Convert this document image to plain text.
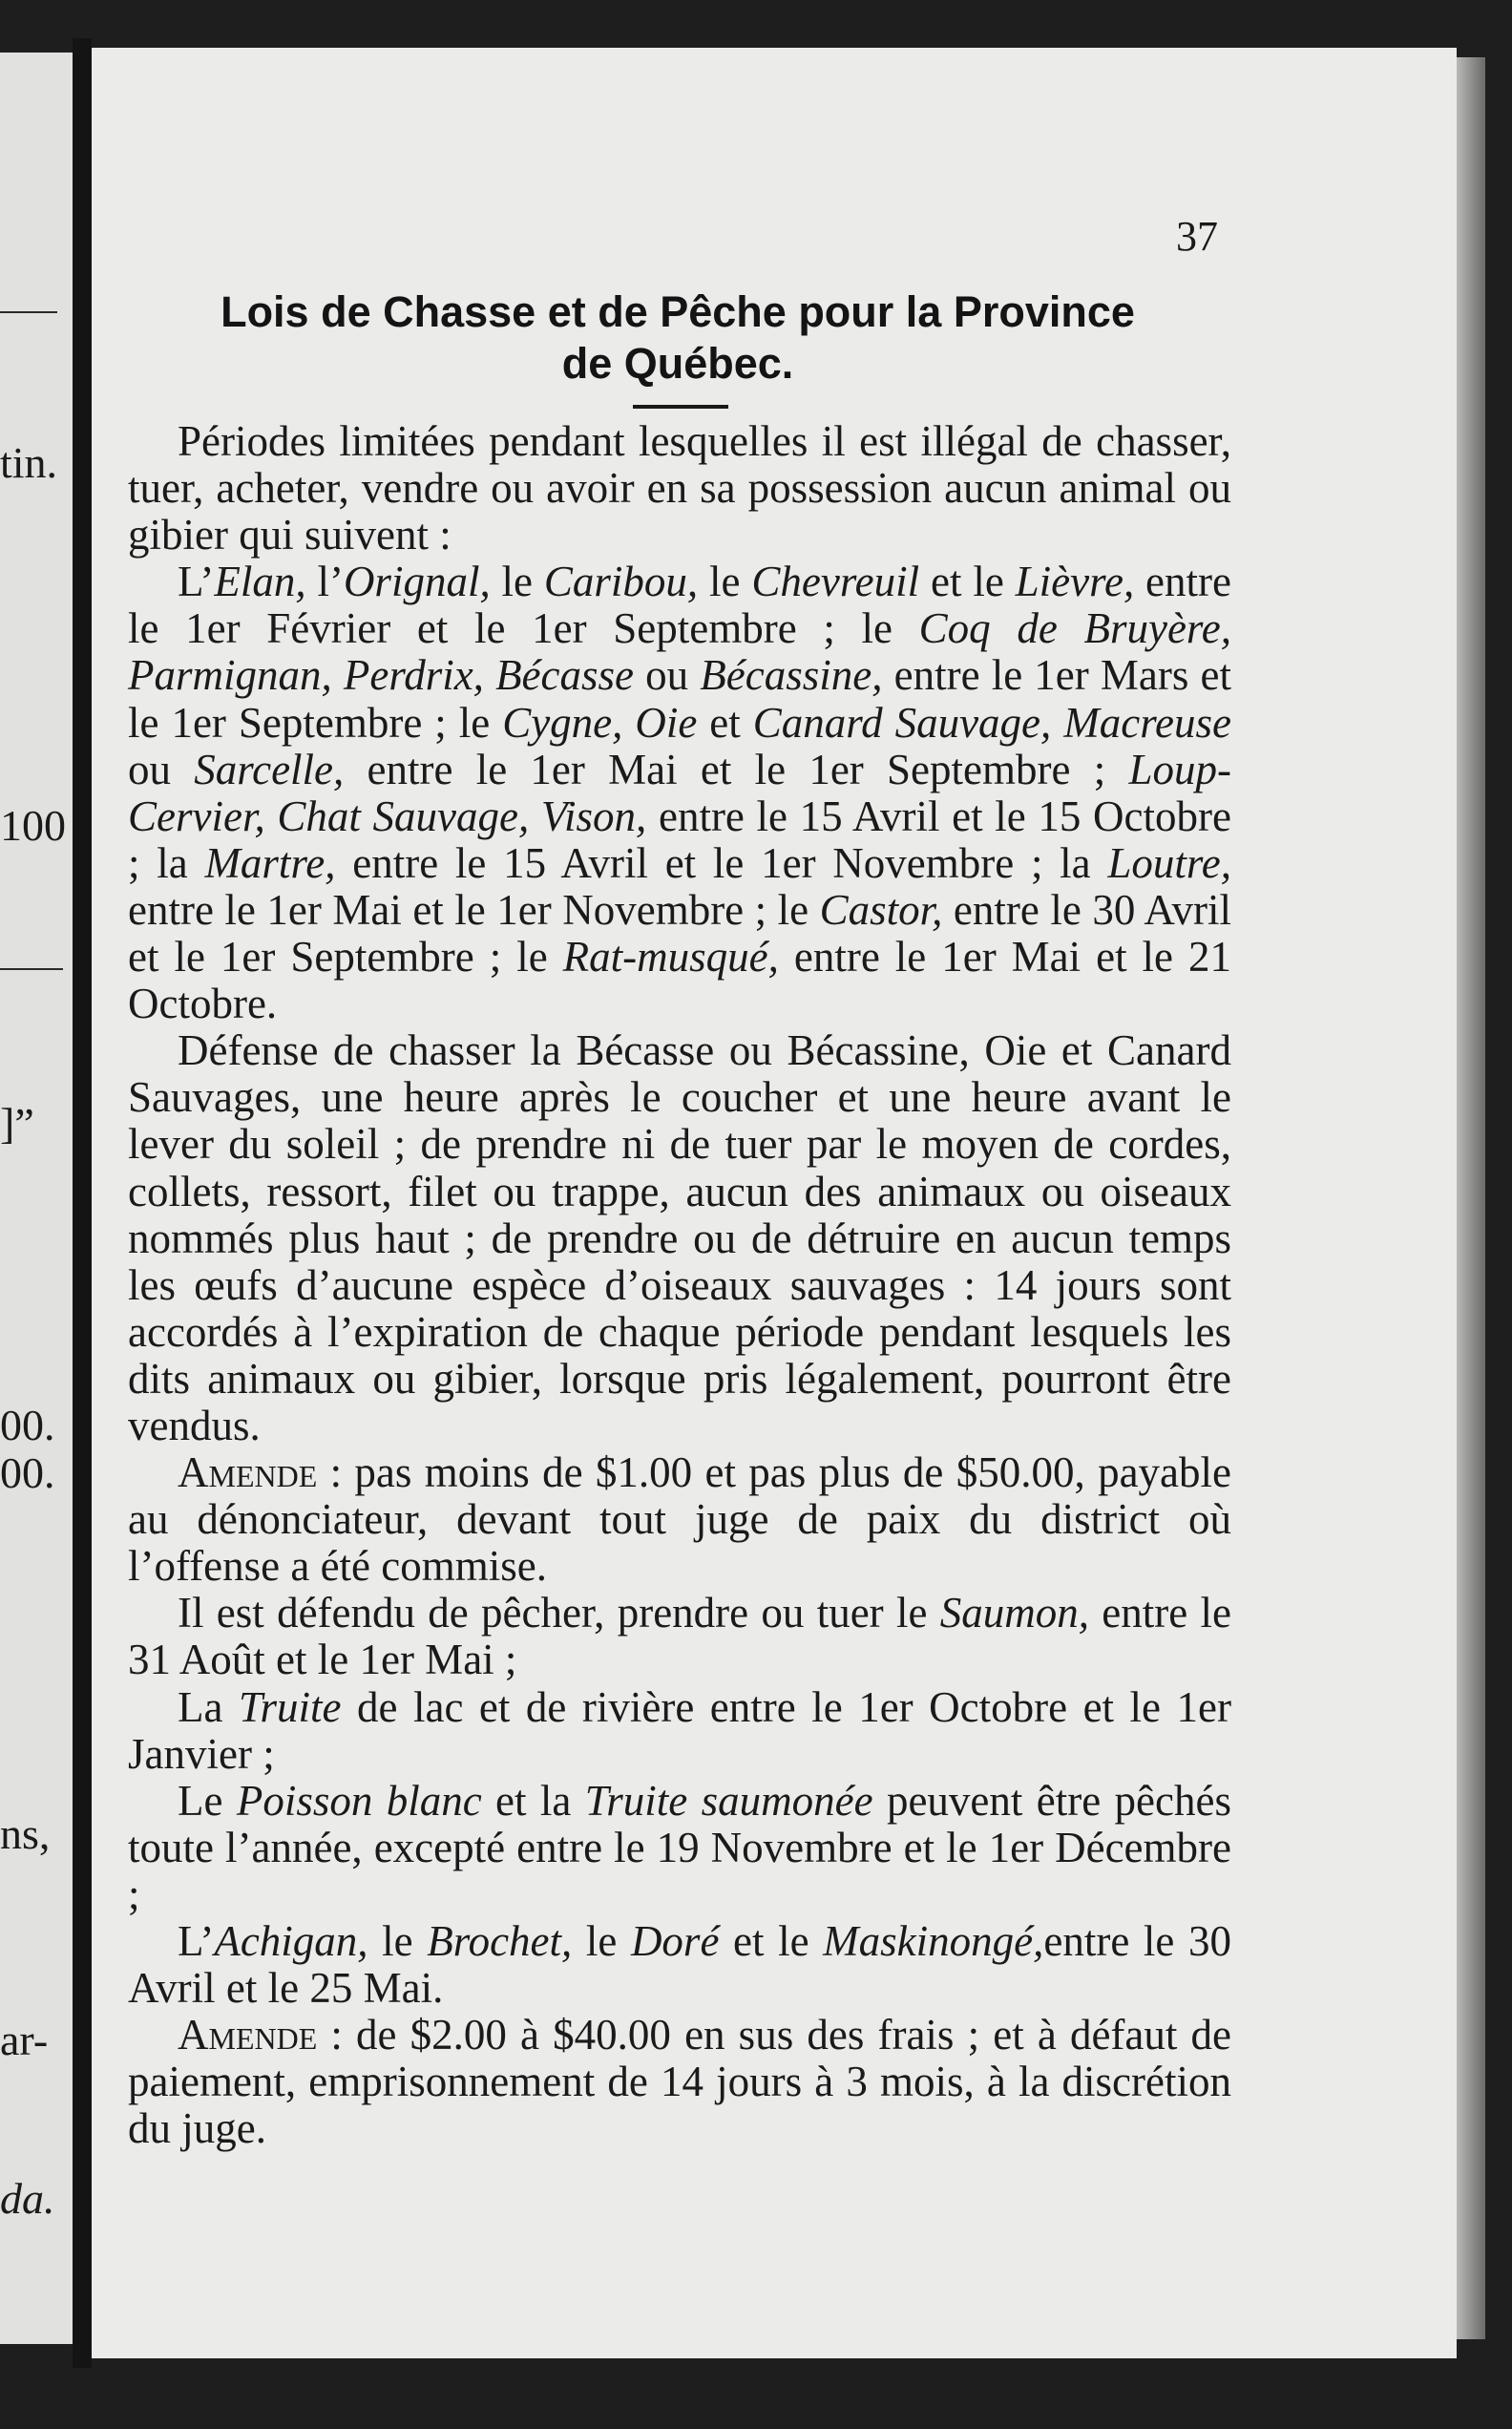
tin.
100
]”
00.
00.
ns,
ar-
da.
37
Lois de Chasse et de Pêche pour la Province
de Québec.

Périodes limitées pendant lesquelles il est illégal de chasser, tuer, acheter, vendre ou avoir en sa possession aucun animal ou gibier qui suivent :

L’Elan, l’Orignal, le Caribou, le Chevreuil et le Lièvre, entre le 1er Février et le 1er Septembre ; le Coq de Bruyère, Parmignan, Perdrix, Bécasse ou Bécassine, entre le 1er Mars et le 1er Septembre ; le Cygne, Oie et Canard Sauvage, Macreuse ou Sarcelle, entre le 1er Mai et le 1er Septembre ; Loup-Cervier, Chat Sauvage, Vison, entre le 15 Avril et le 15 Octobre ; la Martre, entre le 15 Avril et le 1er Novembre ; la Loutre, entre le 1er Mai et le 1er Novembre ; le Castor, entre le 30 Avril et le 1er Septembre ; le Rat-musqué, entre le 1er Mai et le 21 Octobre.

Défense de chasser la Bécasse ou Bécassine, Oie et Canard Sauvages, une heure après le coucher et une heure avant le lever du soleil ; de prendre ni de tuer par le moyen de cordes, collets, ressort, filet ou trappe, aucun des animaux ou oiseaux nommés plus haut ; de prendre ou de détruire en aucun temps les œufs d’aucune espèce d’oiseaux sauvages : 14 jours sont accordés à l’expiration de chaque période pendant lesquels les dits animaux ou gibier, lorsque pris légalement, pourront être vendus.

Amende : pas moins de $1.00 et pas plus de $50.00, payable au dénonciateur, devant tout juge de paix du district où l’offense a été commise.

Il est défendu de pêcher, prendre ou tuer le Saumon, entre le 31 Août et le 1er Mai ;

La Truite de lac et de rivière entre le 1er Octobre et le 1er Janvier ;

Le Poisson blanc et la Truite saumonée peuvent être pêchés toute l’année, excepté entre le 19 Novembre et le 1er Décembre ;

L’Achigan, le Brochet, le Doré et le Maskinongé,entre le 30 Avril et le 25 Mai.

Amende : de $2.00 à $40.00 en sus des frais ; et à défaut de paiement, emprisonnement de 14 jours à 3 mois, à la discrétion du juge.
